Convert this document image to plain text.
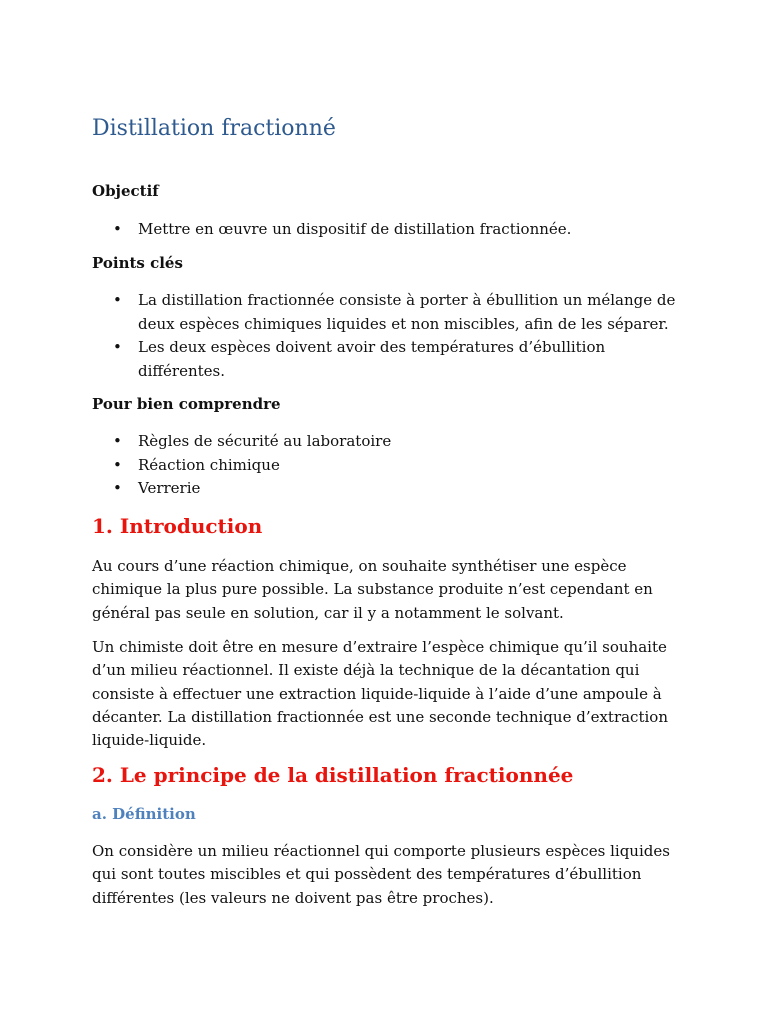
Distillation fractionné

Objectif

• Mettre en œuvre un dispositif de distillation fractionnée.

Points clés

• La distillation fractionnée consiste à porter à ébullition un mélange de
deux espèces chimiques liquides et non miscibles, afin de les séparer.
• Les deux espèces doivent avoir des températures d’ébullition
différentes.

Pour bien comprendre

• Règles de sécurité au laboratoire
• Réaction chimique
• Verrerie
1. Introduction
Au cours d’une réaction chimique, on souhaite synthétiser une espèce
chimique la plus pure possible. La substance produite n’est cependant en
général pas seule en solution, car il y a notamment le solvant.
Un chimiste doit être en mesure d’extraire l’espèce chimique qu’il souhaite
d’un milieu réactionnel. Il existe déjà la technique de la décantation qui
consiste à effectuer une extraction liquide-liquide à l’aide d’une ampoule à
décanter. La distillation fractionnée est une seconde technique d’extraction
liquide-liquide.
2. Le principe de la distillation fractionnée
a. Définition
On considère un milieu réactionnel qui comporte plusieurs espèces liquides
qui sont toutes miscibles et qui possèdent des températures d’ébullition
différentes (les valeurs ne doivent pas être proches).
